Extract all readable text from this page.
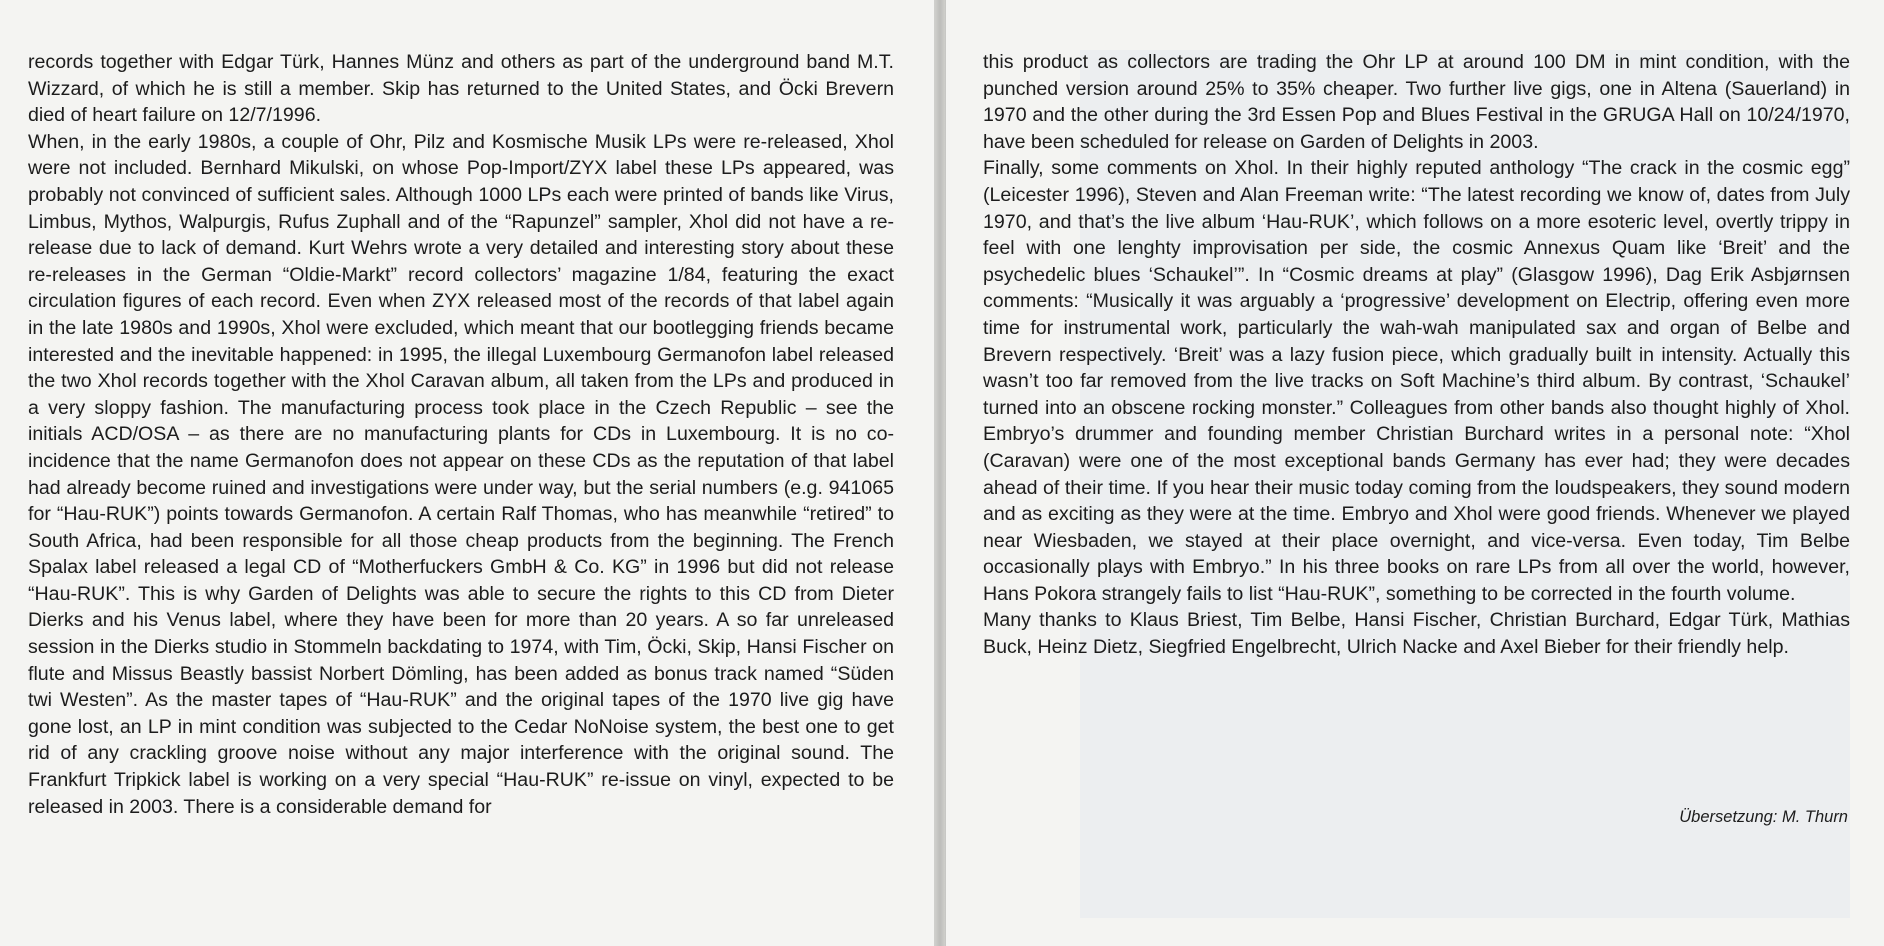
records together with Edgar Türk, Hannes Münz and others as part of the underground band M.T. Wizzard, of which he is still a member. Skip has returned to the United States, and Öcki Brevern died of heart failure on 12/7/1996.

When, in the early 1980s, a couple of Ohr, Pilz and Kosmische Musik LPs were re-released, Xhol were not included. Bernhard Mikulski, on whose Pop-Import/ZYX label these LPs appeared, was probably not convinced of sufficient sales. Although 1000 LPs each were printed of bands like Virus, Limbus, Mythos, Walpurgis, Rufus Zuphall and of the “Rapunzel” sampler, Xhol did not have a re-release due to lack of demand. Kurt Wehrs wrote a very detailed and interesting story about these re-releases in the German “Oldie-Markt” record collectors’ magazine 1/84, featuring the exact circulation figures of each record. Even when ZYX released most of the records of that label again in the late 1980s and 1990s, Xhol were excluded, which meant that our bootlegging friends became interested and the inevitable happened: in 1995, the illegal Luxembourg Germanofon label released the two Xhol records together with the Xhol Caravan album, all taken from the LPs and produced in a very sloppy fashion. The manufacturing process took place in the Czech Republic – see the initials ACD/OSA – as there are no manufacturing plants for CDs in Luxembourg. It is no co-incidence that the name Germanofon does not appear on these CDs as the reputation of that label had already become ruined and investigations were under way, but the serial numbers (e.g. 941065 for “Hau-RUK”) points towards Germanofon. A certain Ralf Thomas, who has meanwhile “retired” to South Africa, had been responsible for all those cheap products from the beginning. The French Spalax label released a legal CD of “Motherfuckers GmbH & Co. KG” in 1996 but did not release “Hau-RUK”. This is why Garden of Delights was able to secure the rights to this CD from Dieter Dierks and his Venus label, where they have been for more than 20 years. A so far unreleased session in the Dierks studio in Stommeln backdating to 1974, with Tim, Öcki, Skip, Hansi Fischer on flute and Missus Beastly bassist Norbert Dömling, has been added as bonus track named “Süden twi Westen”. As the master tapes of “Hau-RUK” and the original tapes of the 1970 live gig have gone lost, an LP in mint condition was subjected to the Cedar NoNoise system, the best one to get rid of any crackling groove noise without any major interference with the original sound. The Frankfurt Tripkick label is working on a very special “Hau-RUK” re-issue on vinyl, expected to be released in 2003. There is a considerable demand for

this product as collectors are trading the Ohr LP at around 100 DM in mint condition, with the punched version around 25% to 35% cheaper. Two further live gigs, one in Altena (Sauerland) in 1970 and the other during the 3rd Essen Pop and Blues Festival in the GRUGA Hall on 10/24/1970, have been scheduled for release on Garden of Delights in 2003.

Finally, some comments on Xhol. In their highly reputed anthology “The crack in the cosmic egg” (Leicester 1996), Steven and Alan Freeman write: “The latest recording we know of, dates from July 1970, and that’s the live album ‘Hau-RUK’, which follows on a more esoteric level, overtly trippy in feel with one lenghty improvisation per side, the cosmic Annexus Quam like ‘Breit’ and the psychedelic blues ‘Schaukel’”. In “Cosmic dreams at play” (Glasgow 1996), Dag Erik Asbjørnsen comments: “Musically it was arguably a ‘progressive’ development on Electrip, offering even more time for instrumental work, particularly the wah-wah manipulated sax and organ of Belbe and Brevern respectively. ‘Breit’ was a lazy fusion piece, which gradually built in intensity. Actually this wasn’t too far removed from the live tracks on Soft Machine’s third album. By contrast, ‘Schaukel’ turned into an obscene rocking monster.” Colleagues from other bands also thought highly of Xhol. Embryo’s drummer and founding member Christian Burchard writes in a personal note: “Xhol (Caravan) were one of the most exceptional bands Germany has ever had; they were decades ahead of their time. If you hear their music today coming from the loudspeakers, they sound modern and as exciting as they were at the time. Embryo and Xhol were good friends. Whenever we played near Wiesbaden, we stayed at their place overnight, and vice-versa. Even today, Tim Belbe occasionally plays with Embryo.” In his three books on rare LPs from all over the world, however, Hans Pokora strangely fails to list “Hau-RUK”, something to be corrected in the fourth volume.

Many thanks to Klaus Briest, Tim Belbe, Hansi Fischer, Christian Burchard, Edgar Türk, Mathias Buck, Heinz Dietz, Siegfried Engelbrecht, Ulrich Nacke and Axel Bieber for their friendly help.

Übersetzung: M. Thurn
